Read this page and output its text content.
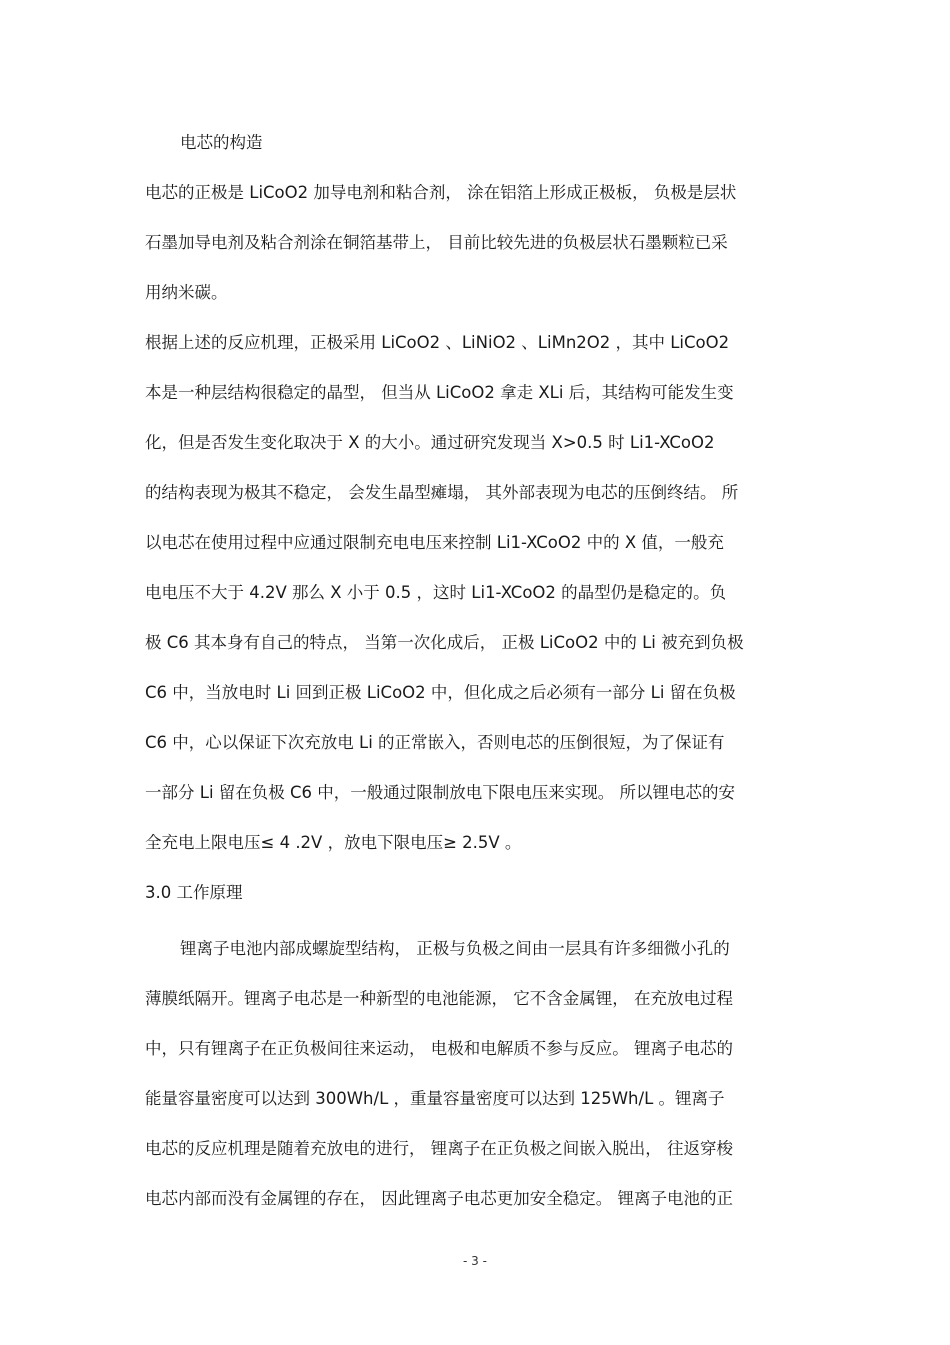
电芯的构造
电芯的正极是 LiCoO2 加导电剂和粘合剂， 涂在铝箔上形成正极板， 负极是层状
石墨加导电剂及粘合剂涂在铜箔基带上， 目前比较先进的负极层状石墨颗粒已采
用纳米碳。
根据上述的反应机理，正极采用 LiCoO2 、LiNiO2 、LiMn2O2 ，其中 LiCoO2
本是一种层结构很稳定的晶型， 但当从 LiCoO2 拿走 XLi 后，其结构可能发生变
化，但是否发生变化取决于 X 的大小。通过研究发现当 X>0.5 时 Li1-XCoO2
的结构表现为极其不稳定， 会发生晶型瘫塌， 其外部表现为电芯的压倒终结。 所
以电芯在使用过程中应通过限制充电电压来控制 Li1-XCoO2 中的 X 值，一般充
电电压不大于 4.2V 那么 X 小于 0.5 ，这时 Li1-XCoO2 的晶型仍是稳定的。负
极 C6 其本身有自己的特点， 当第一次化成后， 正极 LiCoO2 中的 Li 被充到负极
C6 中，当放电时 Li 回到正极 LiCoO2 中，但化成之后必须有一部分 Li 留在负极
C6 中，心以保证下次充放电 Li 的正常嵌入，否则电芯的压倒很短，为了保证有
一部分 Li 留在负极 C6 中，一般通过限制放电下限电压来实现。 所以锂电芯的安
全充电上限电压≤ 4 .2V ，放电下限电压≥ 2.5V 。
3.0 工作原理
锂离子电池内部成螺旋型结构， 正极与负极之间由一层具有许多细微小孔的
薄膜纸隔开。锂离子电芯是一种新型的电池能源， 它不含金属锂， 在充放电过程
中，只有锂离子在正负极间往来运动， 电极和电解质不参与反应。 锂离子电芯的
能量容量密度可以达到 300Wh/L ，重量容量密度可以达到 125Wh/L 。锂离子
电芯的反应机理是随着充放电的进行， 锂离子在正负极之间嵌入脱出， 往返穿梭
电芯内部而没有金属锂的存在， 因此锂离子电芯更加安全稳定。 锂离子电池的正
- 3 -
